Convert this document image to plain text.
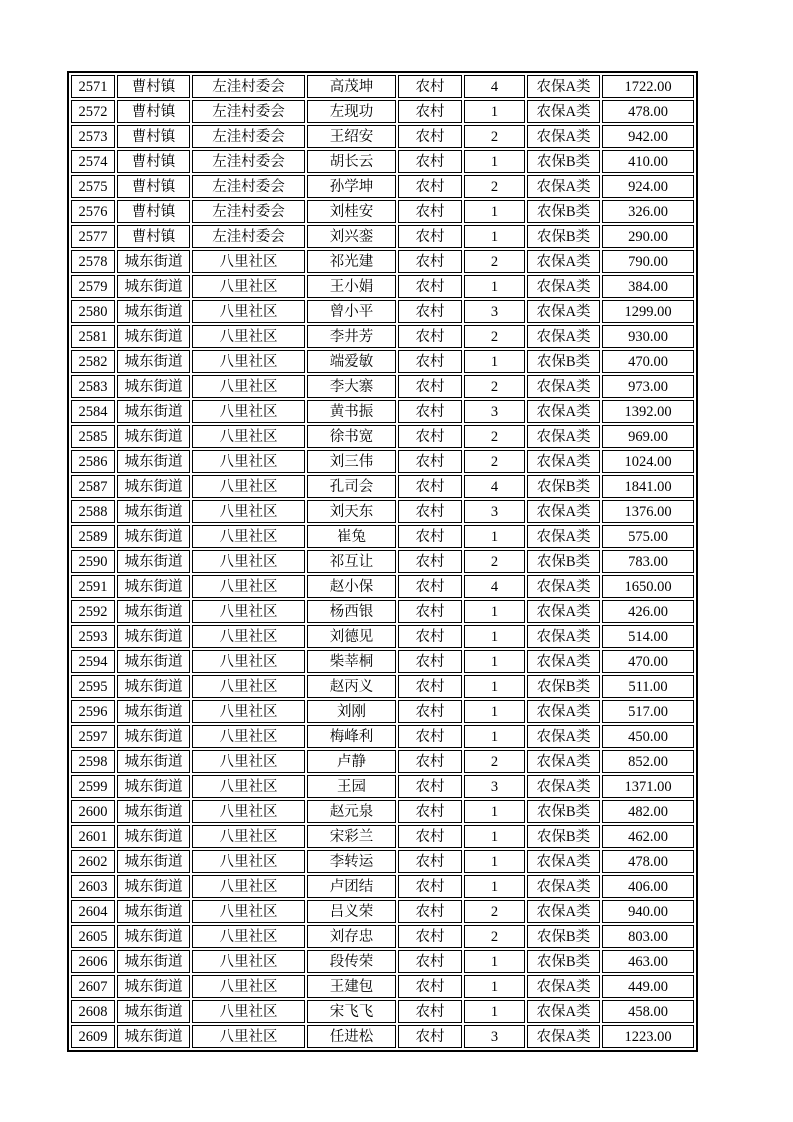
2571	曹村镇	左洼村委会	高茂坤	农村	4	农保A类	1722.00
2572	曹村镇	左洼村委会	左现功	农村	1	农保A类	478.00
2573	曹村镇	左洼村委会	王绍安	农村	2	农保A类	942.00
2574	曹村镇	左洼村委会	胡长云	农村	1	农保B类	410.00
2575	曹村镇	左洼村委会	孙学坤	农村	2	农保A类	924.00
2576	曹村镇	左洼村委会	刘桂安	农村	1	农保B类	326.00
2577	曹村镇	左洼村委会	刘兴銮	农村	1	农保B类	290.00
2578	城东街道	八里社区	祁光建	农村	2	农保A类	790.00
2579	城东街道	八里社区	王小娟	农村	1	农保A类	384.00
2580	城东街道	八里社区	曾小平	农村	3	农保A类	1299.00
2581	城东街道	八里社区	李井芳	农村	2	农保A类	930.00
2582	城东街道	八里社区	端爱敏	农村	1	农保B类	470.00
2583	城东街道	八里社区	李大寨	农村	2	农保A类	973.00
2584	城东街道	八里社区	黄书振	农村	3	农保A类	1392.00
2585	城东街道	八里社区	徐书宽	农村	2	农保A类	969.00
2586	城东街道	八里社区	刘三伟	农村	2	农保A类	1024.00
2587	城东街道	八里社区	孔司会	农村	4	农保B类	1841.00
2588	城东街道	八里社区	刘天东	农村	3	农保A类	1376.00
2589	城东街道	八里社区	崔兔	农村	1	农保A类	575.00
2590	城东街道	八里社区	祁互让	农村	2	农保B类	783.00
2591	城东街道	八里社区	赵小保	农村	4	农保A类	1650.00
2592	城东街道	八里社区	杨西银	农村	1	农保A类	426.00
2593	城东街道	八里社区	刘德见	农村	1	农保A类	514.00
2594	城东街道	八里社区	柴莘桐	农村	1	农保A类	470.00
2595	城东街道	八里社区	赵丙义	农村	1	农保B类	511.00
2596	城东街道	八里社区	刘刚	农村	1	农保A类	517.00
2597	城东街道	八里社区	梅峰利	农村	1	农保A类	450.00
2598	城东街道	八里社区	卢静	农村	2	农保A类	852.00
2599	城东街道	八里社区	王园	农村	3	农保A类	1371.00
2600	城东街道	八里社区	赵元泉	农村	1	农保B类	482.00
2601	城东街道	八里社区	宋彩兰	农村	1	农保B类	462.00
2602	城东街道	八里社区	李转运	农村	1	农保A类	478.00
2603	城东街道	八里社区	卢团结	农村	1	农保A类	406.00
2604	城东街道	八里社区	吕义荣	农村	2	农保A类	940.00
2605	城东街道	八里社区	刘存忠	农村	2	农保B类	803.00
2606	城东街道	八里社区	段传荣	农村	1	农保B类	463.00
2607	城东街道	八里社区	王建包	农村	1	农保A类	449.00
2608	城东街道	八里社区	宋飞飞	农村	1	农保A类	458.00
2609	城东街道	八里社区	任进松	农村	3	农保A类	1223.00
